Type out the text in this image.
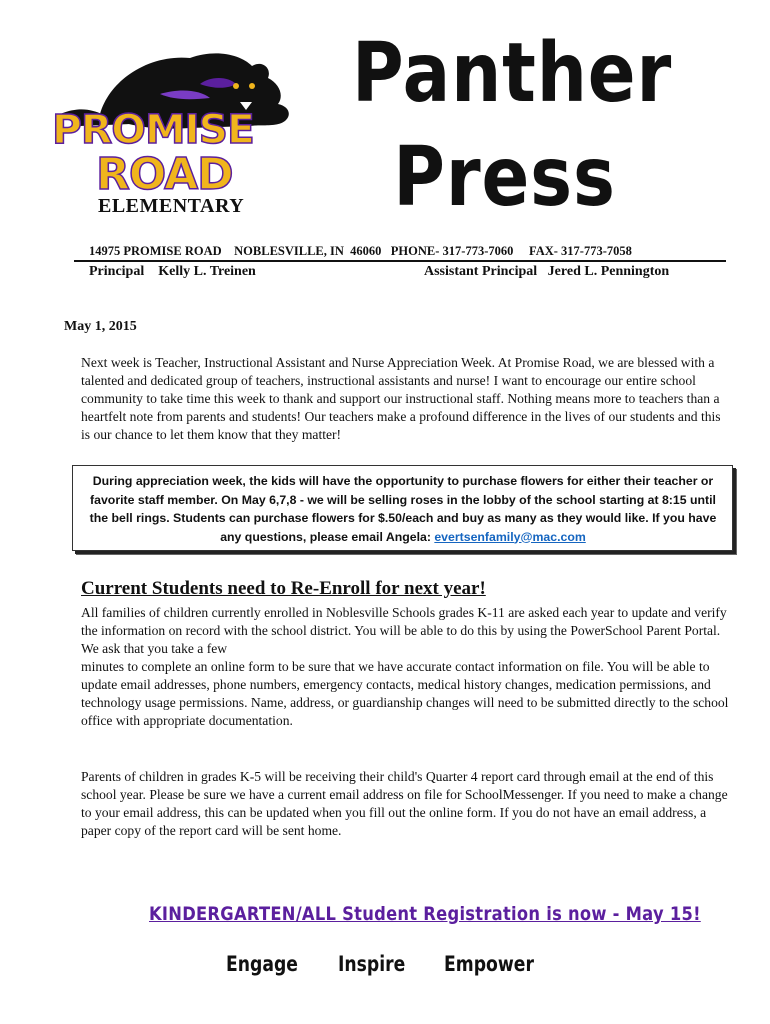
PROMISE
ROAD
ELEMENTARY
Panther
Press
14975 PROMISE ROAD NOBLESVILLE, IN  46060 PHONE- 317-773-7060 FAX- 317-773-7058
Principal    Kelly L. Treinen	Assistant Principal   Jered L. Pennington
May 1, 2015
Next week is Teacher, Instructional Assistant and Nurse Appreciation Week. At Promise Road, we are blessed with a talented and dedicated group of teachers, instructional assistants and nurse! I want to encourage our entire school community to take time this week to thank and support our instructional staff. Nothing means more to teachers than a heartfelt note from parents and students! Our teachers make a profound difference in the lives of our students and this is our chance to let them know that they matter!
During appreciation week, the kids will have the opportunity to purchase flowers for either their teacher or favorite staff member. On May 6,7,8 - we will be selling roses in the lobby of the school starting at 8:15 until the bell rings. Students can purchase flowers for $.50/each and buy as many as they would like. If you have any questions, please email Angela: evertsenfamily@mac.com
Current Students need to Re-Enroll for next year!
All families of children currently enrolled in Noblesville Schools grades K-11 are asked each year to update and verify the information on record with the school district. You will be able to do this by using the PowerSchool Parent Portal. We ask that you take a few
minutes to complete an online form to be sure that we have accurate contact information on file. You will be able to update email addresses, phone numbers, emergency contacts, medical history changes, medication permissions, and technology usage permissions. Name, address, or guardianship changes will need to be submitted directly to the school office with appropriate documentation.
Parents of children in grades K-5 will be receiving their child's Quarter 4 report card through email at the end of this school year. Please be sure we have a current email address on file for SchoolMessenger. If you need to make a change to your email address, this can be updated when you fill out the online form. If you do not have an email address, a paper copy of the report card will be sent home.
KINDERGARTEN/ALL Student Registration is now - May 15!
Engage Inspire Empower
